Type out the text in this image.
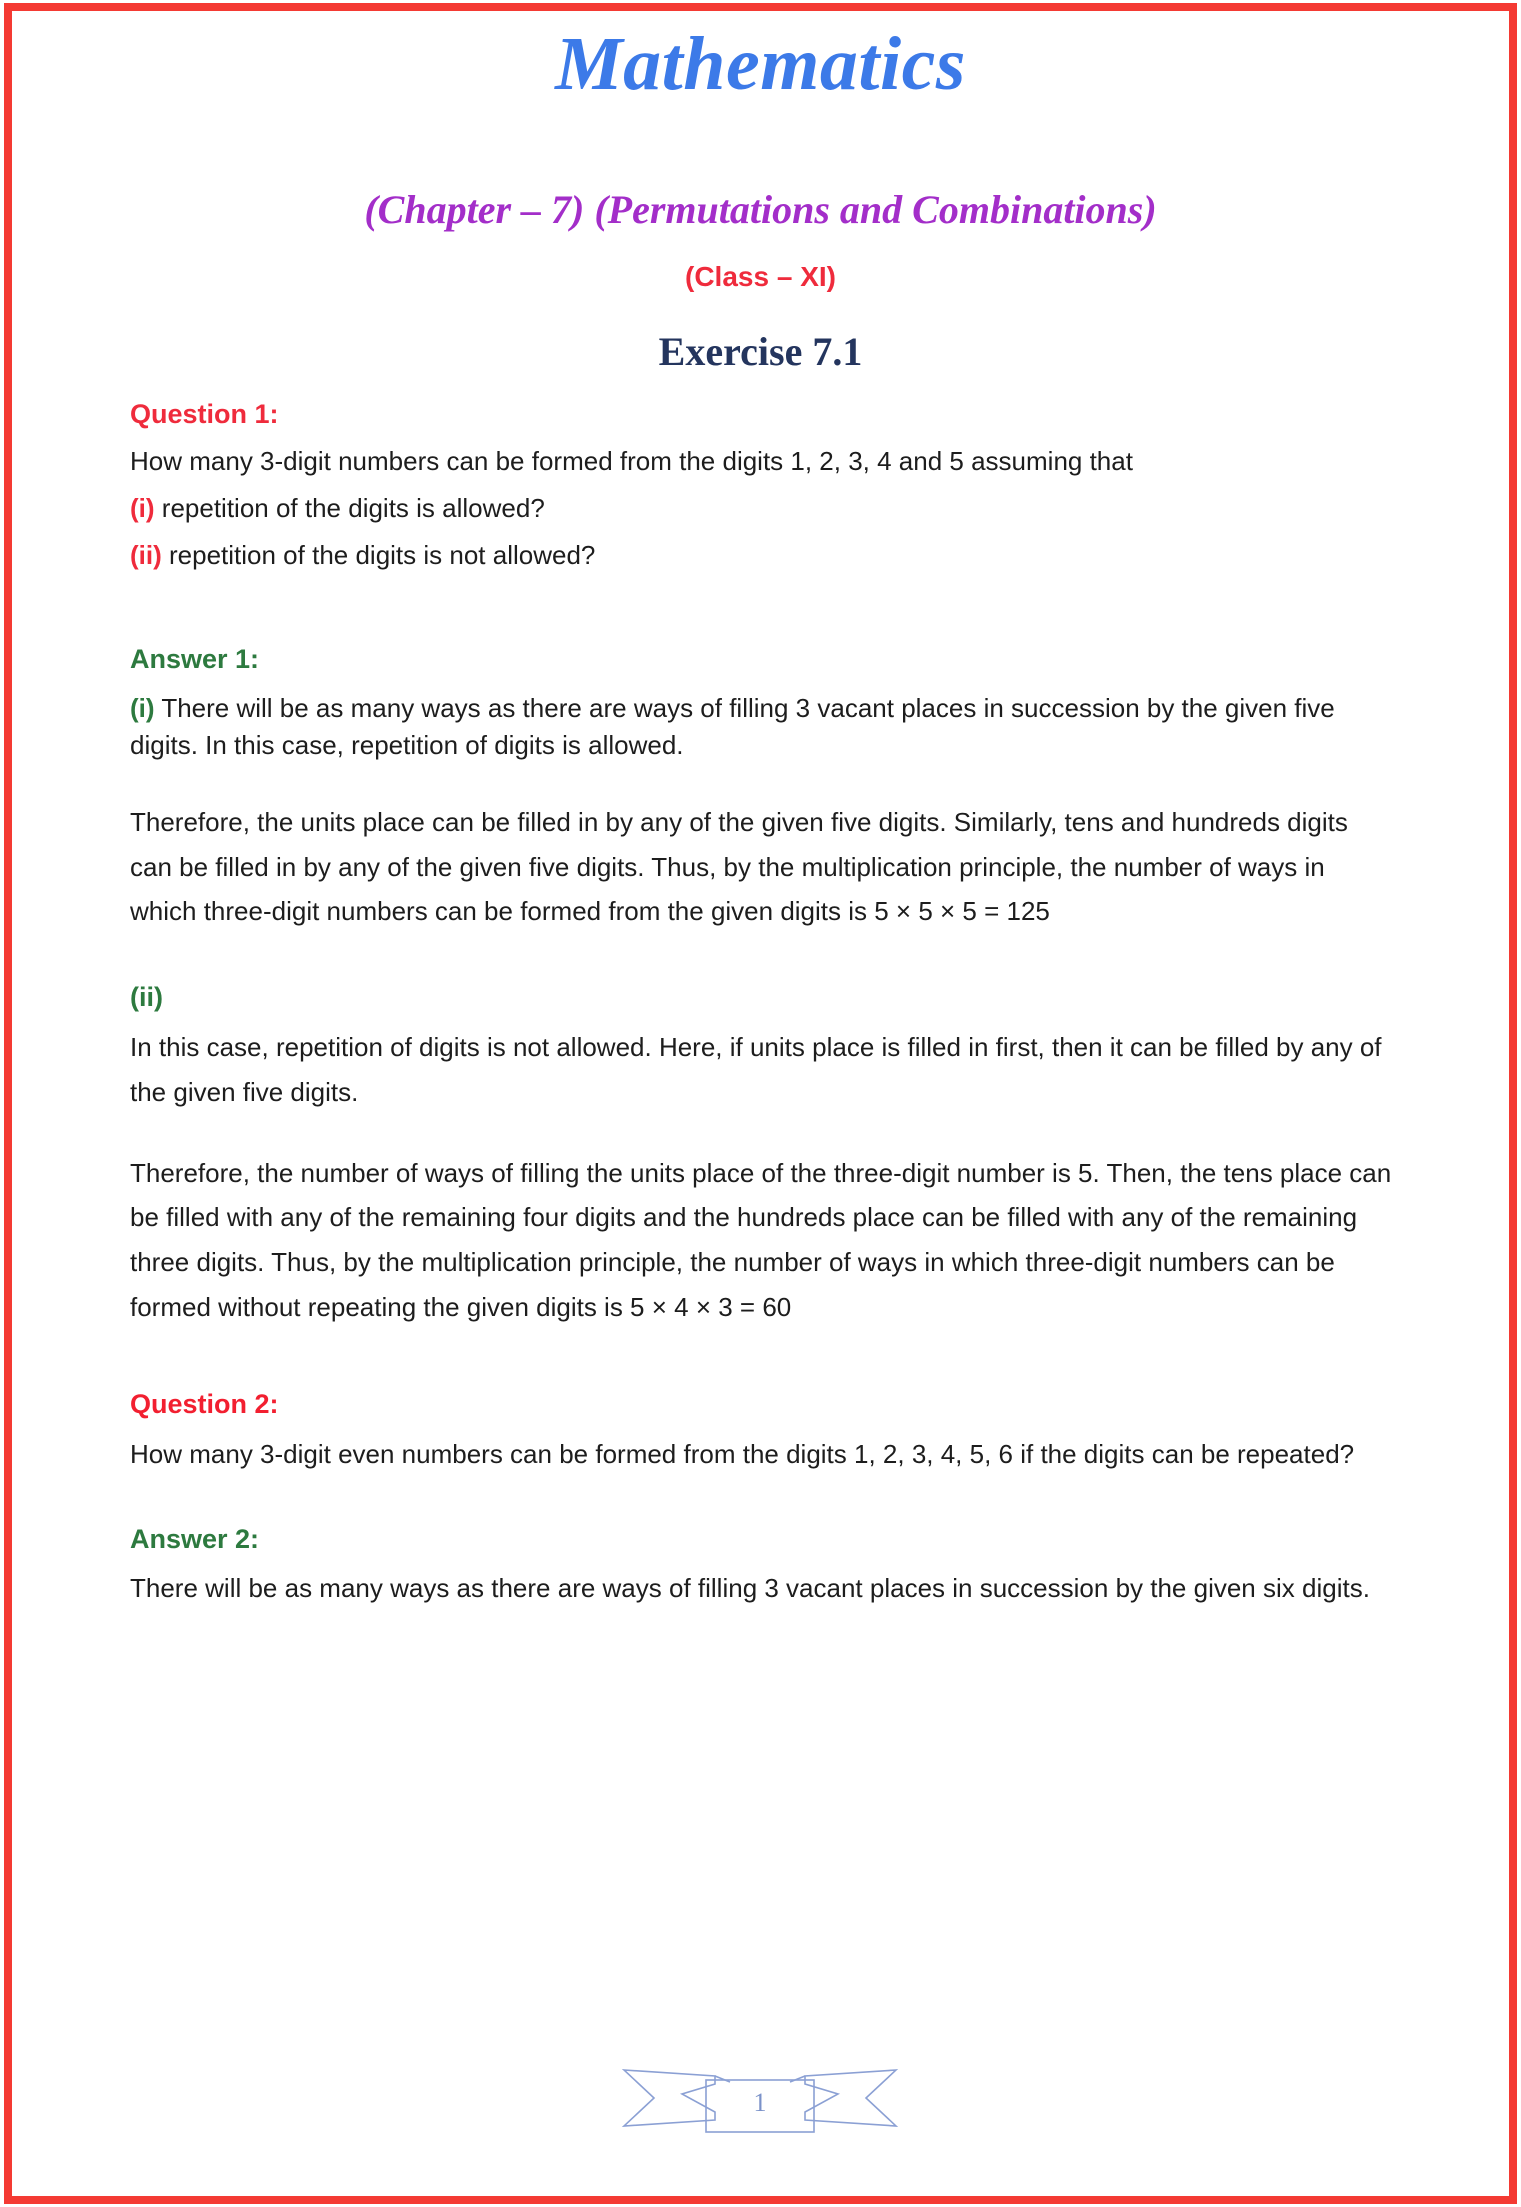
Mathematics
(Chapter – 7) (Permutations and Combinations)
(Class – XI)
Exercise 7.1

Question 1:

How many 3-digit numbers can be formed from the digits 1, 2, 3, 4 and 5 assuming that

(i) repetition of the digits is allowed?

(ii) repetition of the digits is not allowed?

Answer 1:

(i) There will be as many ways as there are ways of filling 3 vacant places in succession by the given five digits. In this case, repetition of digits is allowed.

Therefore, the units place can be filled in by any of the given five digits. Similarly, tens and hundreds digits can be filled in by any of the given five digits. Thus, by the multiplication principle, the number of ways in which three-digit numbers can be formed from the given digits is 5 × 5 × 5 = 125

(ii)

In this case, repetition of digits is not allowed. Here, if units place is filled in first, then it can be filled by any of the given five digits.

Therefore, the number of ways of filling the units place of the three-digit number is 5. Then, the tens place can be filled with any of the remaining four digits and the hundreds place can be filled with any of the remaining three digits. Thus, by the multiplication principle, the number of ways in which three-digit numbers can be formed without repeating the given digits is 5 × 4 × 3 = 60

Question 2:

How many 3-digit even numbers can be formed from the digits 1, 2, 3, 4, 5, 6 if the digits can be repeated?

Answer 2:

There will be as many ways as there are ways of filling 3 vacant places in succession by the given six digits.

1
